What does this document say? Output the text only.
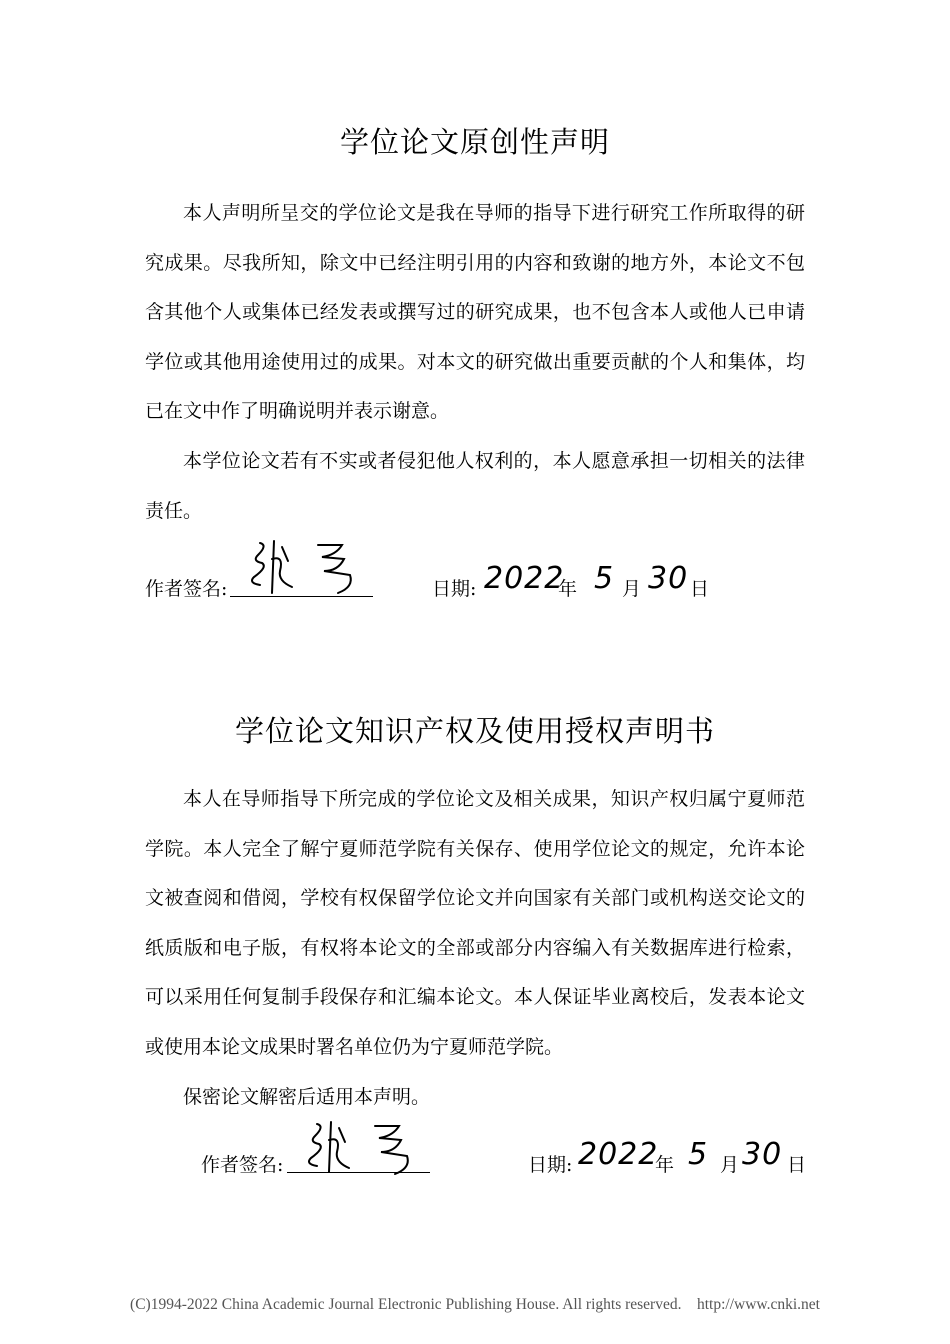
学位论文原创性声明

本人声明所呈交的学位论文是我在导师的指导下进行研究工作所取得的研究成果。尽我所知，除文中已经注明引用的内容和致谢的地方外，本论文不包含其他个人或集体已经发表或撰写过的研究成果，也不包含本人或他人已申请学位或其他用途使用过的成果。对本文的研究做出重要贡献的个人和集体，均已在文中作了明确说明并表示谢意。

本学位论文若有不实或者侵犯他人权利的，本人愿意承担一切相关的法律责任。

作者签名:	日期: 2022
年 5 月 30 日
学位论文知识产权及使用授权声明书

本人在导师指导下所完成的学位论文及相关成果，知识产权归属宁夏师范学院。本人完全了解宁夏师范学院有关保存、使用学位论文的规定，允许本论文被查阅和借阅，学校有权保留学位论文并向国家有关部门或机构送交论文的纸质版和电子版，有权将本论文的全部或部分内容编入有关数据库进行检索，可以采用任何复制手段保存和汇编本论文。本人保证毕业离校后，发表本论文或使用本论文成果时署名单位仍为宁夏师范学院。

保密论文解密后适用本声明。

作者签名:	日期: 2022
年 5 月 30 日
(C)1994-2022 China Academic Journal Electronic Publishing House. All rights reserved. http://www.cnki.net
